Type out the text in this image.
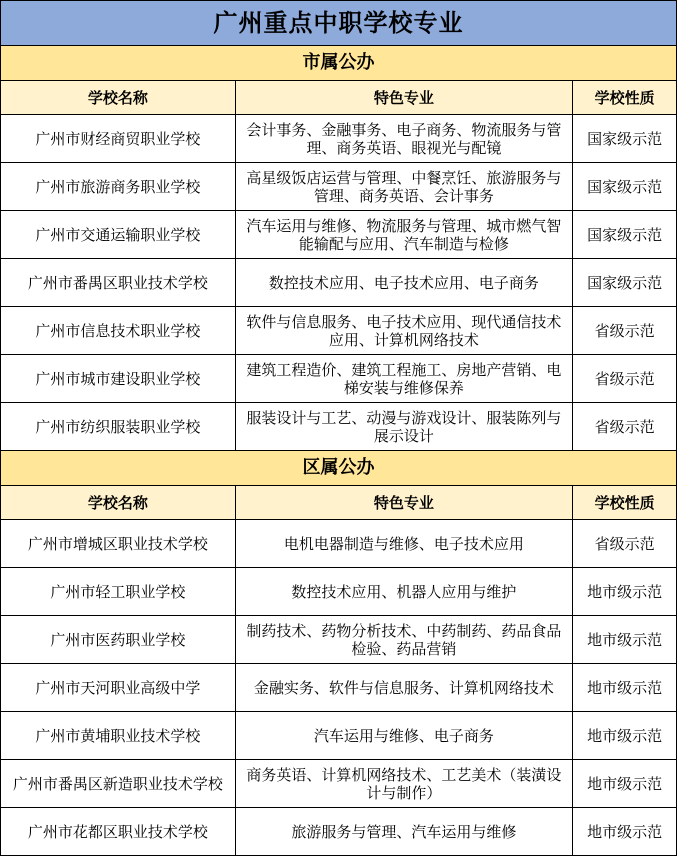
广州重点中职学校专业		
市属公办		
学校名称	特色专业	学校性质
广州市财经商贸职业学校	会计事务、金融事务、电子商务、物流服务与管理、商务英语、眼视光与配镜	国家级示范
广州市旅游商务职业学校	高星级饭店运营与管理、中餐烹饪、旅游服务与管理、商务英语、会计事务	国家级示范
广州市交通运输职业学校	汽车运用与维修、物流服务与管理、城市燃气智能输配与应用、汽车制造与检修	国家级示范
广州市番禺区职业技术学校	数控技术应用、电子技术应用、电子商务	国家级示范
广州市信息技术职业学校	软件与信息服务、电子技术应用、现代通信技术应用、计算机网络技术	省级示范
广州市城市建设职业学校	建筑工程造价、建筑工程施工、房地产营销、电梯安装与维修保养	省级示范
广州市纺织服装职业学校	服装设计与工艺、动漫与游戏设计、服装陈列与展示设计	省级示范
区属公办		
学校名称	特色专业	学校性质
广州市增城区职业技术学校	电机电器制造与维修、电子技术应用	省级示范
广州市轻工职业学校	数控技术应用、机器人应用与维护	地市级示范
广州市医药职业学校	制药技术、药物分析技术、中药制药、药品食品检验、药品营销	地市级示范
广州市天河职业高级中学	金融实务、软件与信息服务、计算机网络技术	地市级示范
广州市黄埔职业技术学校	汽车运用与维修、电子商务	地市级示范
广州市番禺区新造职业技术学校	商务英语、计算机网络技术、工艺美术（装潢设计与制作）	地市级示范
广州市花都区职业技术学校	旅游服务与管理、汽车运用与维修	地市级示范
